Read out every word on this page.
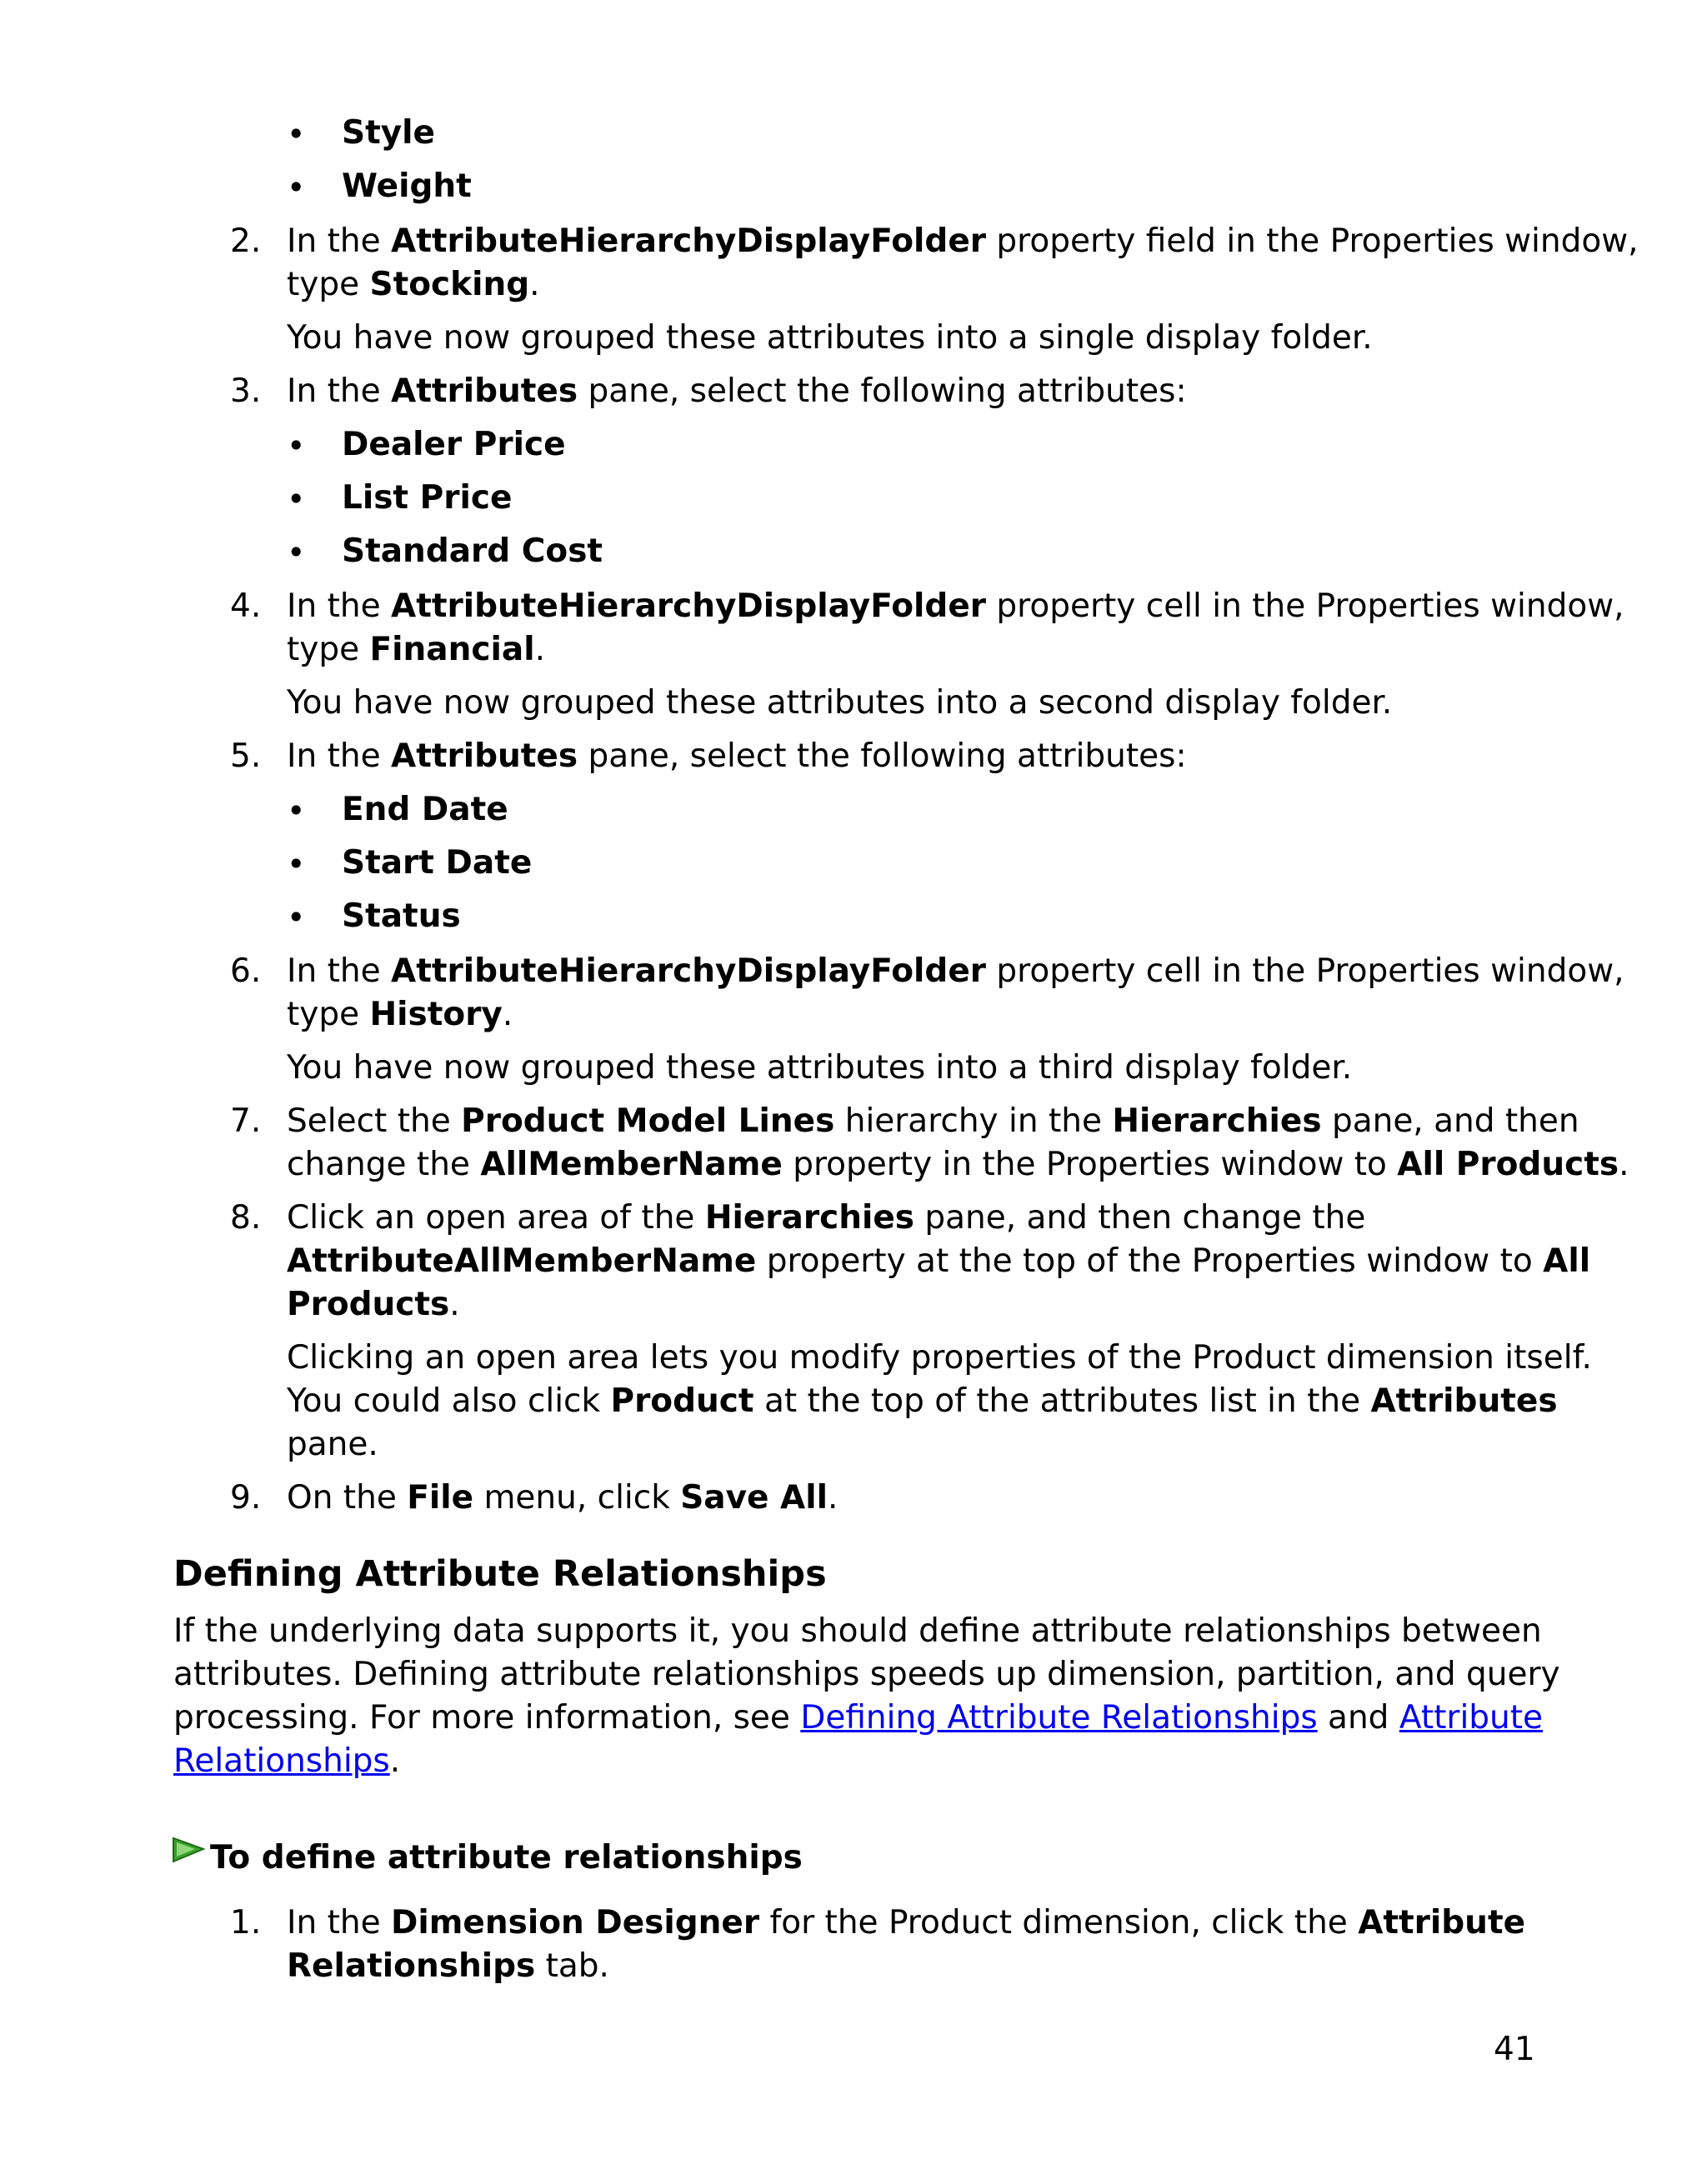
• Style
• Weight
2. In the AttributeHierarchyDisplayFolder property field in the Properties window,
type Stocking.
You have now grouped these attributes into a single display folder.
3. In the Attributes pane, select the following attributes:
• Dealer Price
• List Price
• Standard Cost
4. In the AttributeHierarchyDisplayFolder property cell in the Properties window,
type Financial.
You have now grouped these attributes into a second display folder.
5. In the Attributes pane, select the following attributes:
• End Date
• Start Date
• Status
6. In the AttributeHierarchyDisplayFolder property cell in the Properties window,
type History.
You have now grouped these attributes into a third display folder.
7. Select the Product Model Lines hierarchy in the Hierarchies pane, and then
change the AllMemberName property in the Properties window to All Products.
8. Click an open area of the Hierarchies pane, and then change the
AttributeAllMemberName property at the top of the Properties window to All
Products.
Clicking an open area lets you modify properties of the Product dimension itself.
You could also click Product at the top of the attributes list in the Attributes
pane.
9. On the File menu, click Save All.
Defining Attribute Relationships
If the underlying data supports it, you should define attribute relationships between
attributes. Defining attribute relationships speeds up dimension, partition, and query
processing. For more information, see Defining Attribute Relationships and Attribute
Relationships.
To define attribute relationships
1. In the Dimension Designer for the Product dimension, click the Attribute
Relationships tab.
41
